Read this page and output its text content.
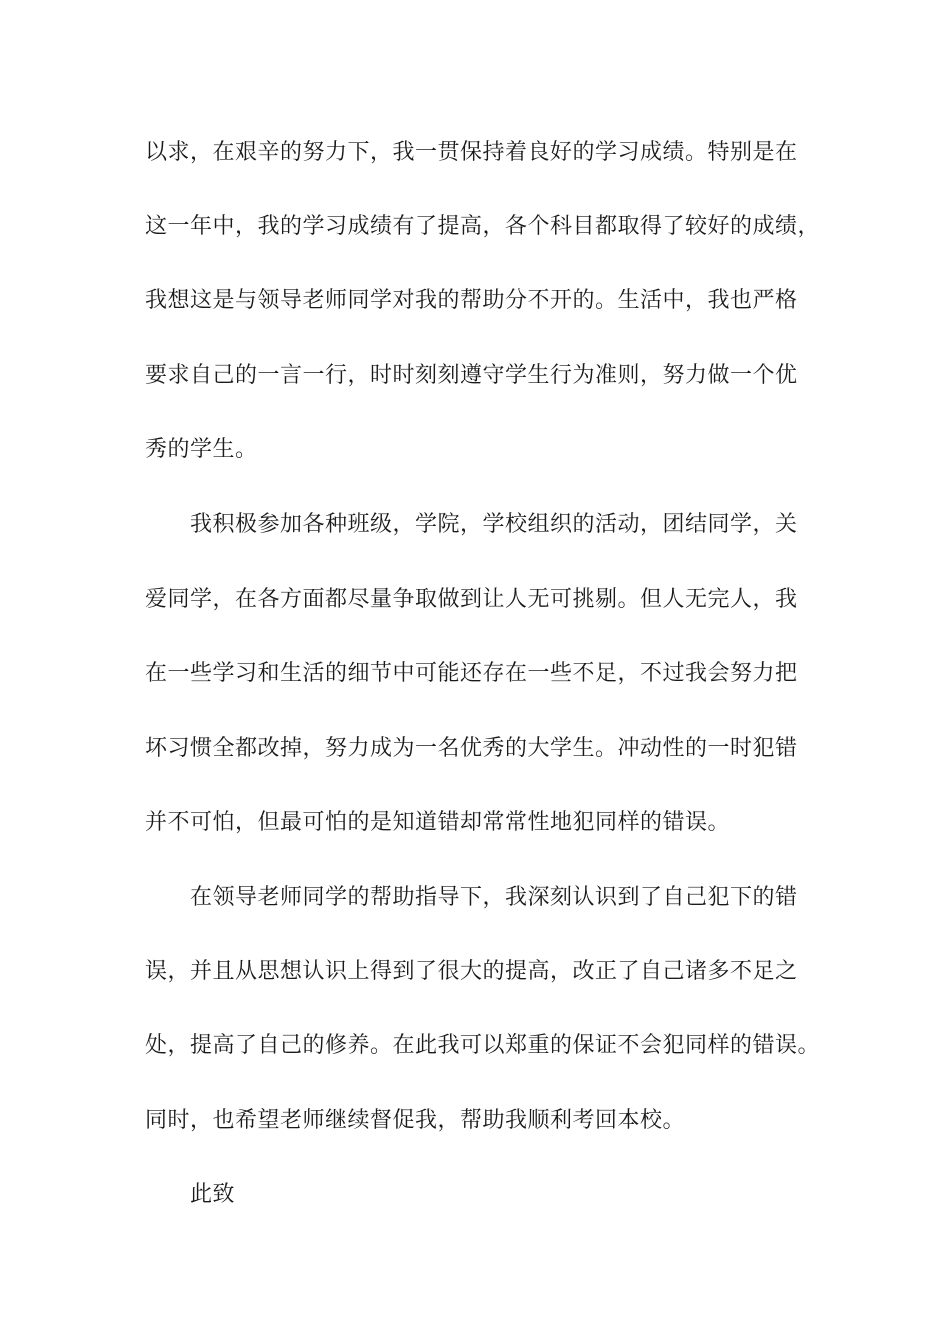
以求，在艰辛的努力下，我一贯保持着良好的学习成绩。特别是在
这一年中，我的学习成绩有了提高，各个科目都取得了较好的成绩，
我想这是与领导老师同学对我的帮助分不开的。生活中，我也严格
要求自己的一言一行，时时刻刻遵守学生行为准则，努力做一个优
秀的学生。
我积极参加各种班级，学院，学校组织的活动，团结同学，关
爱同学，在各方面都尽量争取做到让人无可挑剔。但人无完人，我
在一些学习和生活的细节中可能还存在一些不足，不过我会努力把
坏习惯全都改掉，努力成为一名优秀的大学生。冲动性的一时犯错
并不可怕，但最可怕的是知道错却常常性地犯同样的错误。
在领导老师同学的帮助指导下，我深刻认识到了自己犯下的错
误，并且从思想认识上得到了很大的提高，改正了自己诸多不足之
处，提高了自己的修养。在此我可以郑重的保证不会犯同样的错误。
同时，也希望老师继续督促我，帮助我顺利考回本校。
此致
